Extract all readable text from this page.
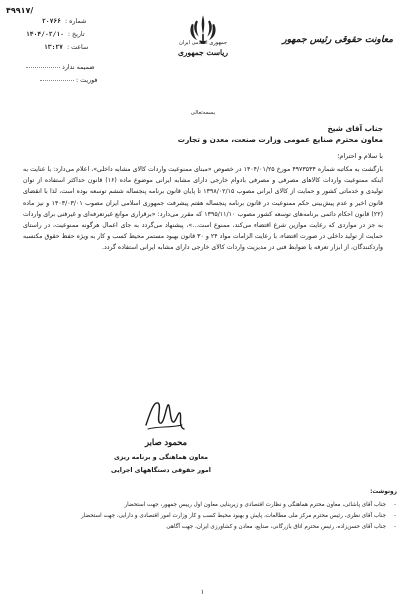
۴۹۹۱۷/
شماره :۲۰۷۶۶
تاریخ :۱۴۰۴/۰۲/۱۰
ساعت :۱۳:۲۷
ضمیمه ندارد
فوریت :
جمهوری اسلامی ایران
ریاست جمهوری
معاونت حقوقی رئیس جمهور
بسمه‌تعالی
جناب آقای شیخ
معاون محترم صنایع عمومی وزارت صنعت، معدن و تجارت
با سلام و احترام؛
بازگشت به مکاتبه شماره ۴۹۷۳۵۳۴ مورخ ۱۴۰۴/۰۱/۲۵ در خصوص «مبنای ممنوعیت واردات کالای مشابه داخلی»، اعلام می‌دارد: با عنایت به اینکه ممنوعیت واردات کالاهای مصرفی و مصرفی بادوام خارجی دارای مشابه ایرانی موضوع ماده (۱۶) قانون حداکثر استفاده از توان تولیدی و خدماتی کشور و حمایت از کالای ایرانی مصوب ۱۳۹۸/۰۲/۱۵ تا پایان قانون برنامه پنجساله ششم توسعه بوده است، لذا با انقضای قانون اخیر و عدم پیش‌بینی حکم ممنوعیت در قانون برنامه پنجساله هفتم پیشرفت جمهوری اسلامی ایران مصوب ۱۴۰۳/۰۳/۰۱ و نیز ماده (۲۲) قانون احکام دائمی برنامه‌های توسعه کشور مصوب ۱۳۹۵/۱۱/۱۰ که مقرر می‌دارد: «برقراری موانع غیرتعرفه‌ای و غیرفنی برای واردات به جز در مواردی که رعایت موازین شرع اقتضاء می‌کند، ممنوع است...»، پیشنهاد می‌گردد به جای اعمال هرگونه ممنوعیت، در راستای حمایت از تولید داخلی در صورت اقتضاء، با رعایت الزامات مواد ۲۴ و ۳۰ قانون بهبود مستمر محیط کسب و کار به ویژه حفظ حقوق مکتسبه واردکنندگان، از ابزار تعرفه یا ضوابط فنی در مدیریت واردات کالای خارجی دارای مشابه ایرانی استفاده گردد.
محمود صابر
معاون هماهنگی و برنامه ریزی
امور حقوقی دستگاههای اجرایی
رونوشت:
- جناب آقای پاشائی، معاون محترم هماهنگی و نظارت اقتصادی و زیربنایی معاون اول رییس جمهور، جهت استحضار
- جناب آقای نظری، رئیس محترم مرکز ملی مطالعات، پایش و بهبود محیط کسب و کار وزارت امور اقتصادی و دارایی، جهت استحضار
- جناب آقای حسن‌زاده، رئیس محترم اتاق بازرگانی، صنایع، معادن و کشاورزی ایران، جهت آگاهی
۱
